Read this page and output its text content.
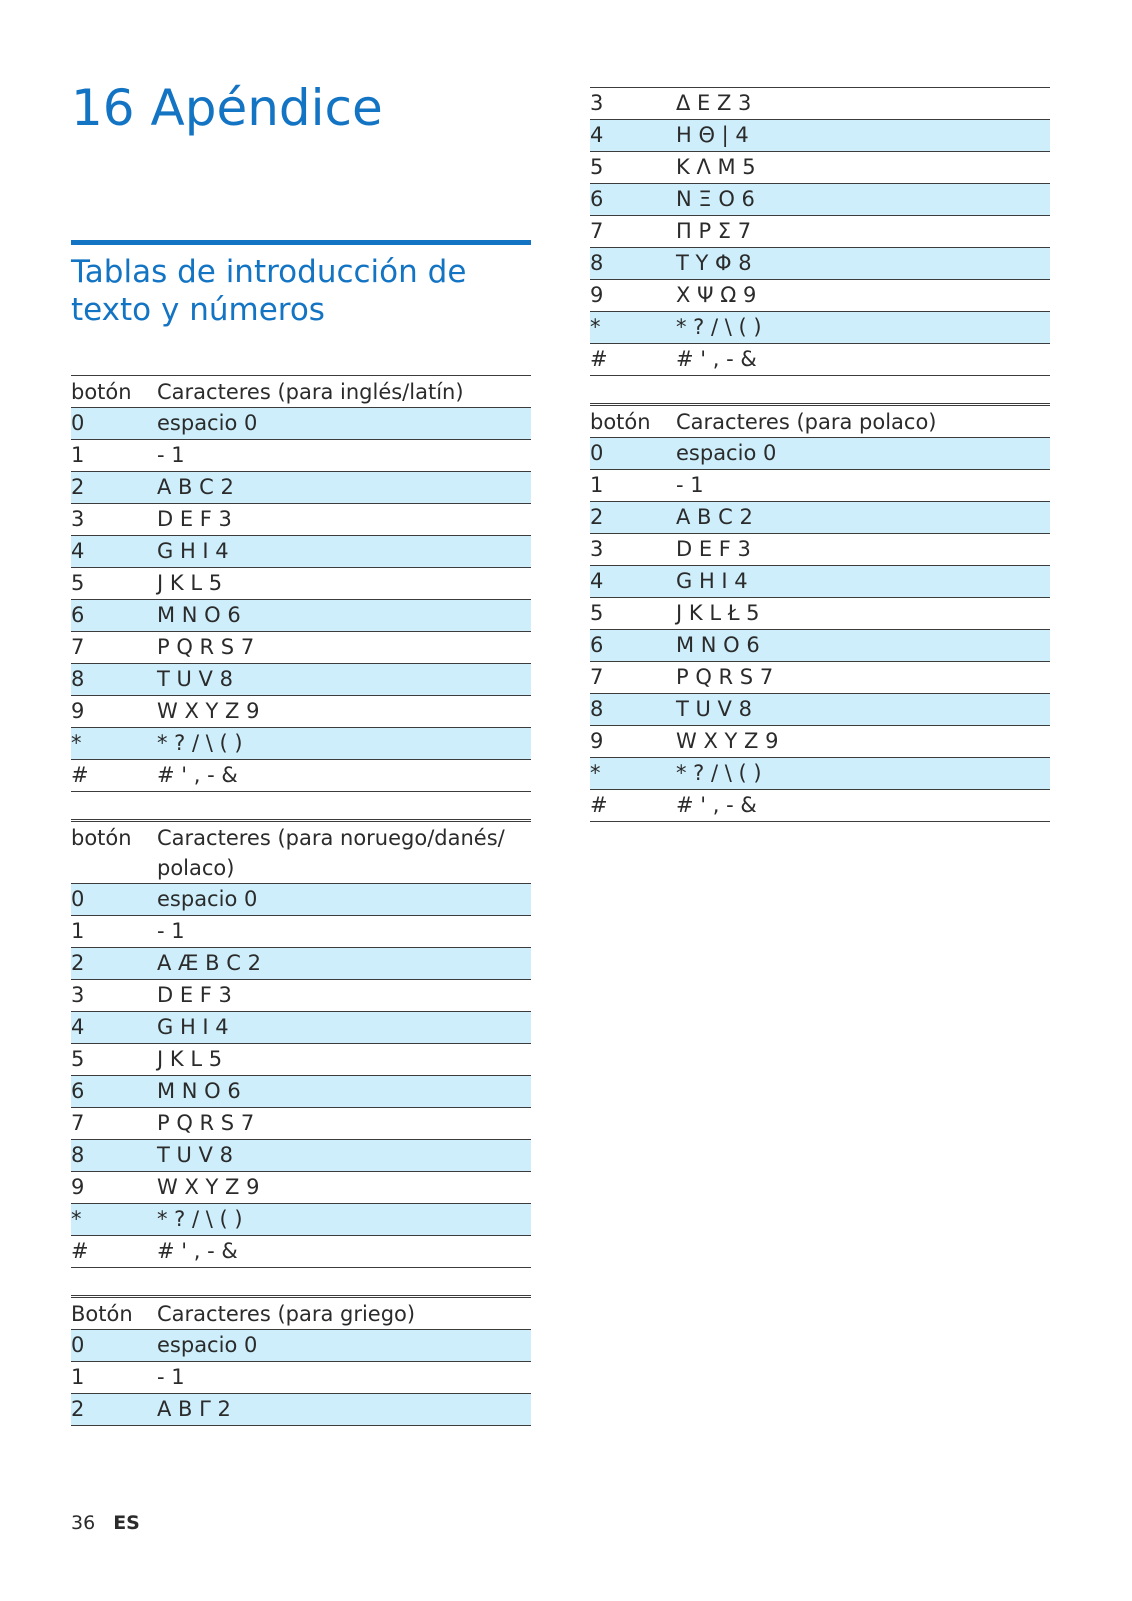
16 Apéndice
Tablas de introducción de texto y números
botón	Caracteres (para inglés/latín)
0	espacio 0
1	- 1
2	A B C 2
3	D E F 3
4	G H I 4
5	J K L 5
6	M N O 6
7	P Q R S 7
8	T U V 8
9	W X Y Z 9
*	* ? / \ ( )
#	# ' , - &
botón	Caracteres (para noruego/danés/ polaco)
0	espacio 0
1	- 1
2	A Æ B C 2
3	D E F 3
4	G H I 4
5	J K L 5
6	M N O 6
7	P Q R S 7
8	T U V 8
9	W X Y Z 9
*	* ? / \ ( )
#	# ' , - &
Botón	Caracteres (para griego)
0	espacio 0
1	- 1
2	A B Γ 2
3	Δ E Z 3
4	H Θ | 4
5	K Λ M 5
6	N Ξ O 6
7	Π P Σ 7
8	T Y Φ 8
9	X Ψ Ω 9
*	* ? / \ ( )
#	# ' , - &
botón	Caracteres (para polaco)
0	espacio 0
1	- 1
2	A B C 2
3	D E F 3
4	G H I 4
5	J K L Ł 5
6	M N O 6
7	P Q R S 7
8	T U V 8
9	W X Y Z 9
*	* ? / \ ( )
#	# ' , - &
36 ES
